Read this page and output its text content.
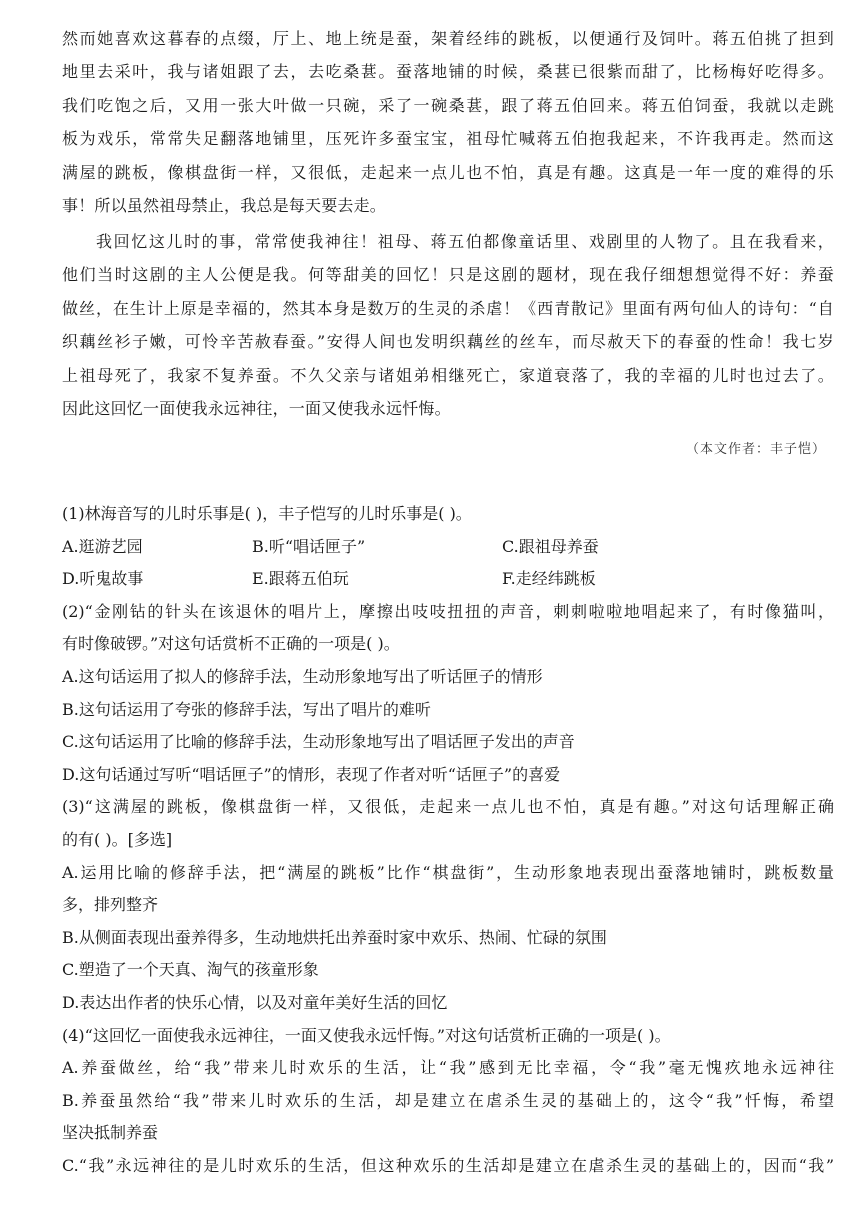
然而她喜欢这暮春的点缀，厅上、地上统是蚕，架着经纬的跳板，以便通行及饲叶。蒋五伯挑了担到
地里去采叶，我与诸姐跟了去，去吃桑葚。蚕落地铺的时候，桑葚已很紫而甜了，比杨梅好吃得多。
我们吃饱之后，又用一张大叶做一只碗，采了一碗桑葚，跟了蒋五伯回来。蒋五伯饲蚕，我就以走跳
板为戏乐，常常失足翻落地铺里，压死许多蚕宝宝，祖母忙喊蒋五伯抱我起来，不许我再走。然而这
满屋的跳板，像棋盘街一样，又很低，走起来一点儿也不怕，真是有趣。这真是一年一度的难得的乐
事！所以虽然祖母禁止，我总是每天要去走。
我回忆这儿时的事，常常使我神往！祖母、蒋五伯都像童话里、戏剧里的人物了。且在我看来，
他们当时这剧的主人公便是我。何等甜美的回忆！只是这剧的题材，现在我仔细想想觉得不好：养蚕
做丝，在生计上原是幸福的，然其本身是数万的生灵的杀虐！《西青散记》里面有两句仙人的诗句：“自
织藕丝衫子嫩，可怜辛苦赦春蚕。”安得人间也发明织藕丝的丝车，而尽赦天下的春蚕的性命！我七岁
上祖母死了，我家不复养蚕。不久父亲与诸姐弟相继死亡，家道衰落了，我的幸福的儿时也过去了。
因此这回忆一面使我永远神往，一面又使我永远忏悔。
（本文作者：丰子恺）
(1)林海音写的儿时乐事是( )，丰子恺写的儿时乐事是( )。
A.逛游艺园	B.听“唱话匣子”	C.跟祖母养蚕
D.听鬼故事	E.跟蒋五伯玩	F.走经纬跳板
(2)“金刚钻的针头在该退休的唱片上，摩擦出吱吱扭扭的声音，刺刺啦啦地唱起来了，有时像猫叫，
有时像破锣。”对这句话赏析不正确的一项是( )。
A.这句话运用了拟人的修辞手法，生动形象地写出了听话匣子的情形
B.这句话运用了夸张的修辞手法，写出了唱片的难听
C.这句话运用了比喻的修辞手法，生动形象地写出了唱话匣子发出的声音
D.这句话通过写听“唱话匣子”的情形，表现了作者对听“话匣子”的喜爱
(3)“这满屋的跳板，像棋盘街一样，又很低，走起来一点儿也不怕，真是有趣。”对这句话理解正确
的有( )。[多选]
A.运用比喻的修辞手法，把“满屋的跳板”比作“棋盘街”，生动形象地表现出蚕落地铺时，跳板数量
多，排列整齐
B.从侧面表现出蚕养得多，生动地烘托出养蚕时家中欢乐、热闹、忙碌的氛围
C.塑造了一个天真、淘气的孩童形象
D.表达出作者的快乐心情，以及对童年美好生活的回忆
(4)“这回忆一面使我永远神往，一面又使我永远忏悔。”对这句话赏析正确的一项是( )。
A.养蚕做丝，给“我”带来儿时欢乐的生活，让“我”感到无比幸福，令“我”毫无愧疚地永远神往
B.养蚕虽然给“我”带来儿时欢乐的生活，却是建立在虐杀生灵的基础上的，这令“我”忏悔，希望
坚决抵制养蚕
C.“我”永远神往的是儿时欢乐的生活，但这种欢乐的生活却是建立在虐杀生灵的基础上的，因而“我”
